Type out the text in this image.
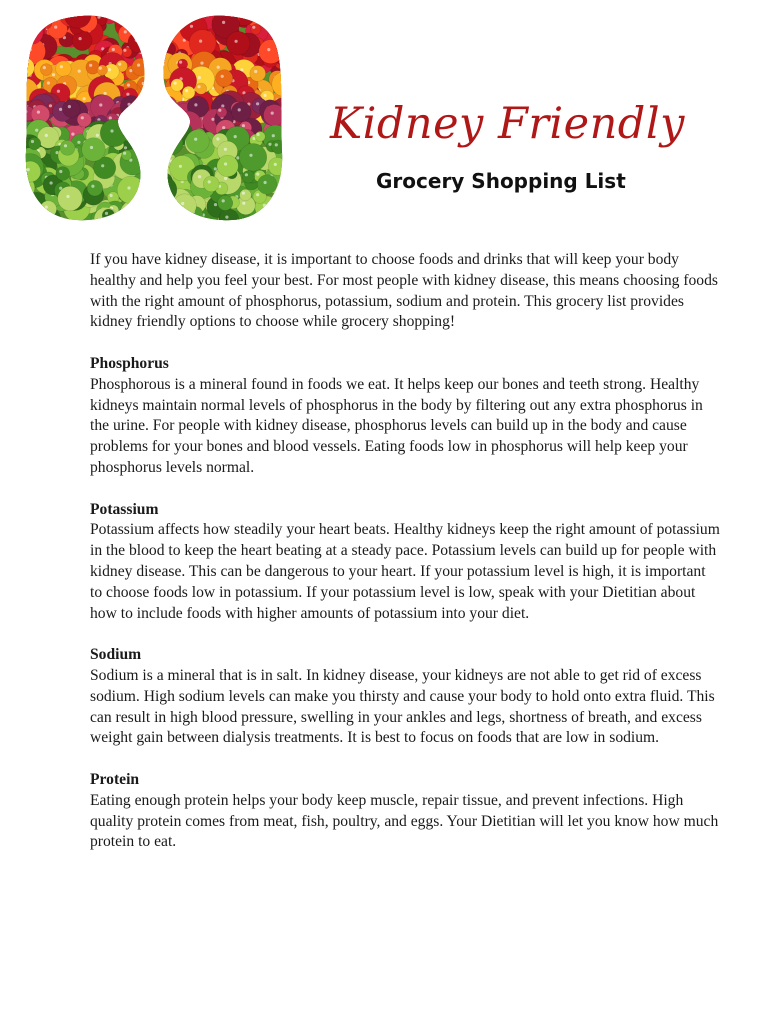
Kidney Friendly
Grocery Shopping List

If you have kidney disease, it is important to choose foods and drinks that will keep your body healthy and help you feel your best. For most people with kidney disease, this means choosing foods with the right amount of phosphorus, potassium, sodium and protein. This grocery list provides kidney friendly options to choose while grocery shopping!

Phosphorus

Phosphorous is a mineral found in foods we eat. It helps keep our bones and teeth strong. Healthy kidneys maintain normal levels of phosphorus in the body by filtering out any extra phosphorus in the urine. For people with kidney disease, phosphorus levels can build up in the body and cause problems for your bones and blood vessels. Eating foods low in phosphorus will help keep your phosphorus levels normal.

Potassium

Potassium affects how steadily your heart beats. Healthy kidneys keep the right amount of potassium in the blood to keep the heart beating at a steady pace. Potassium levels can build up for people with kidney disease. This can be dangerous to your heart. If your potassium level is high, it is important to choose foods low in potassium. If your potassium level is low, speak with your Dietitian about how to include foods with higher amounts of potassium into your diet.

Sodium

Sodium is a mineral that is in salt. In kidney disease, your kidneys are not able to get rid of excess sodium. High sodium levels can make you thirsty and cause your body to hold onto extra fluid. This can result in high blood pressure, swelling in your ankles and legs, shortness of breath, and excess weight gain between dialysis treatments. It is best to focus on foods that are low in sodium.

Protein

Eating enough protein helps your body keep muscle, repair tissue, and prevent infections. High quality protein comes from meat, fish, poultry, and eggs. Your Dietitian will let you know how much protein to eat.
